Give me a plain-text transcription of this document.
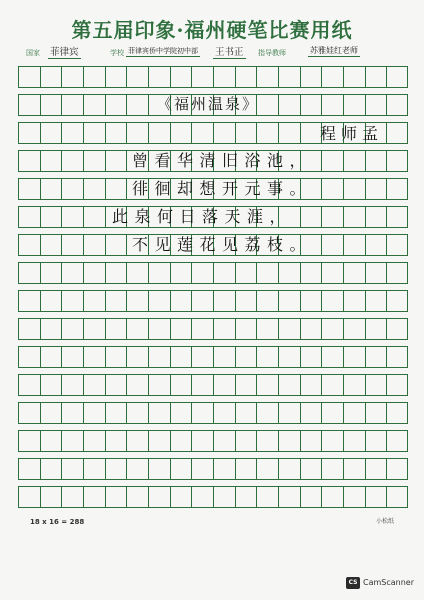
第五届印象·福州硬笔比赛用纸
国家 菲律宾	学校 菲律宾侨中学院初中部 王书正 指导教师	苏雅娃红老师
《福州温泉》
程师孟
曾看华清旧浴池，
徘徊却想开元事。
此泉何日落天涯，
不见莲花见荔枝。
18 x 16 = 288	小松纸
CS CamScanner
